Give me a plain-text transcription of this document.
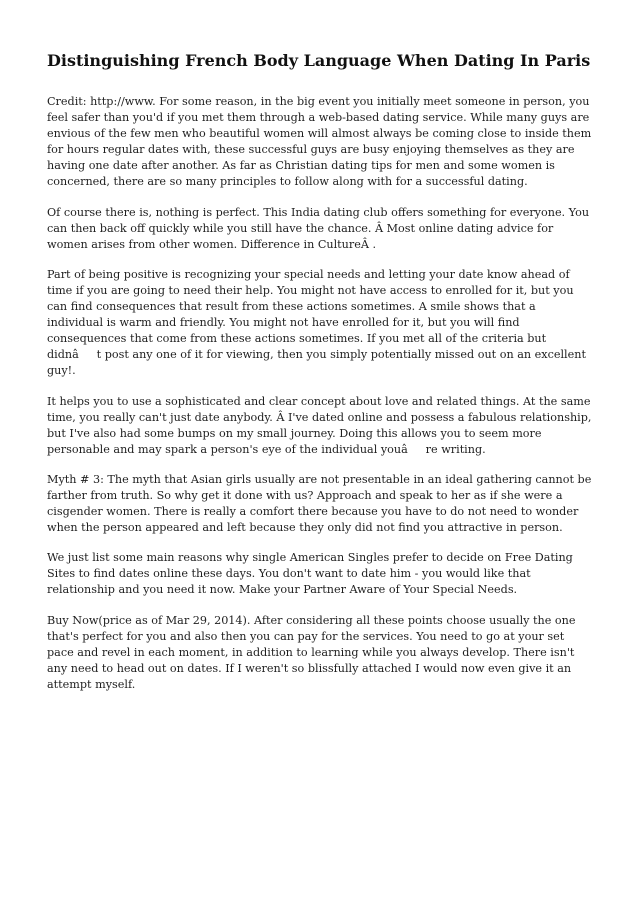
Distinguishing French Body Language When Dating In Paris

Credit: http://www. For some reason, in the big event you initially meet someone in person, you feel safer than you'd if you met them through a web-based dating service. While many guys are envious of the few men who beautiful women will almost always be coming close to inside them for hours regular dates with, these successful guys are busy enjoying themselves as they are having one date after another. As far as Christian dating tips for men and some women is concerned, there are so many principles to follow along with for a successful dating.

Of course there is, nothing is perfect. This India dating club offers something for everyone. You can then back off quickly while you still have the chance. Â Most online dating advice for women arises from other women. Difference in CultureÂ .

Part of being positive is recognizing your special needs and letting your date know ahead of time if you are going to need their help. You might not have access to enrolled for it, but you can find consequences that result from these actions sometimes. A smile shows that a individual is warm and friendly. You might not have enrolled for it, but you will find consequences that come from these actions sometimes. If you met all of the criteria but didnât post any one of it for viewing, then you simply potentially missed out on an excellent guy!.

It helps you to use a sophisticated and clear concept about love and related things. At the same time, you really can't just date anybody. Â I've dated online and possess a fabulous relationship, but I've also had some bumps on my small journey. Doing this allows you to seem more personable and may spark a person's eye of the individual youâre writing.

Myth # 3: The myth that Asian girls usually are not presentable in an ideal gathering cannot be farther from truth. So why get it done with us? Approach and speak to her as if she were a cisgender women. There is really a comfort there because you have to do not need to wonder when the person appeared and left because they only did not find you attractive in person.

We just list some main reasons why single American Singles prefer to decide on Free Dating Sites to find dates online these days. You don't want to date him - you would like that relationship and you need it now. Make your Partner Aware of Your Special Needs.

Buy Now(price as of Mar 29, 2014). After considering all these points choose usually the one that's perfect for you and also then you can pay for the services. You need to go at your set pace and revel in each moment, in addition to learning while you always develop. There isn't any need to head out on dates. If I weren't so blissfully attached I would now even give it an attempt myself.
